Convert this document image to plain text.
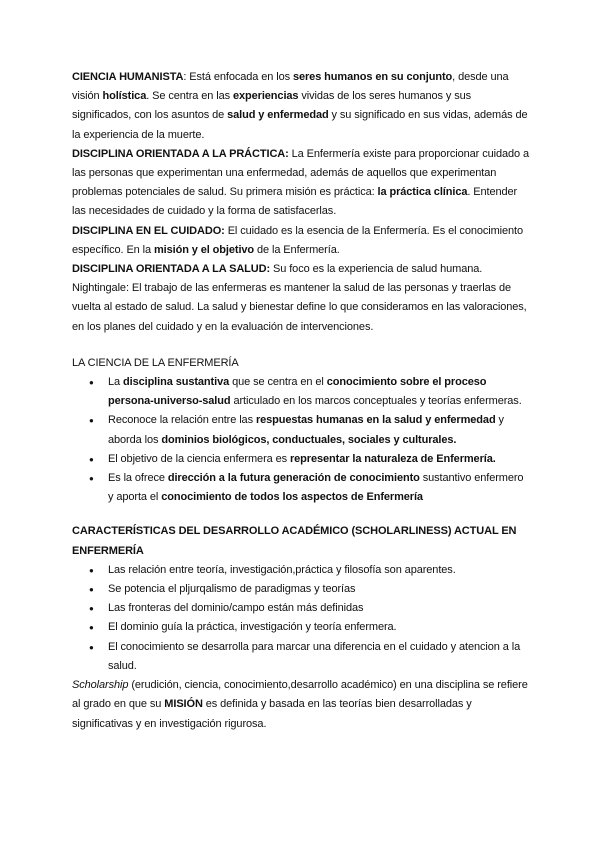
CIENCIA HUMANISTA: Está enfocada en los seres humanos en su conjunto, desde una visión holística. Se centra en las experiencias vividas de los seres humanos y sus significados, con los asuntos de salud y enfermedad y su significado en sus vidas, además de la experiencia de la muerte.

DISCIPLINA ORIENTADA A LA PRÁCTICA: La Enfermería existe para proporcionar cuidado a las personas que experimentan una enfermedad, además de aquellos que experimentan problemas potenciales de salud. Su primera misión es práctica: la práctica clínica. Entender las necesidades de cuidado y la forma de satisfacerlas.

DISCIPLINA EN EL CUIDADO: El cuidado es la esencia de la Enfermería. Es el conocimiento específico. En la misión y el objetivo de la Enfermería.

DISCIPLINA ORIENTADA A LA SALUD: Su foco es la experiencia de salud humana. Nightingale: El trabajo de las enfermeras es mantener la salud de las personas y traerlas de vuelta al estado de salud. La salud y bienestar define lo que consideramos en las valoraciones, en los planes del cuidado y en la evaluación de intervenciones.

LA CIENCIA DE LA ENFERMERÍA

● La disciplina sustantiva que se centra en el conocimiento sobre el proceso persona-universo-salud articulado en los marcos conceptuales y teorías enfermeras.
● Reconoce la relación entre las respuestas humanas en la salud y enfermedad y aborda los dominios biológicos, conductuales, sociales y culturales.
● El objetivo de la ciencia enfermera es representar la naturaleza de Enfermería.
● Es la ofrece dirección a la futura generación de conocimiento sustantivo enfermero y aporta el conocimiento de todos los aspectos de Enfermería

CARACTERÍSTICAS DEL DESARROLLO ACADÉMICO (SCHOLARLINESS) ACTUAL EN ENFERMERÍA

● Las relación entre teoría, investigación,práctica y filosofía son aparentes.
● Se potencia el pljurqalismo de paradigmas y teorías
● Las fronteras del dominio/campo están más definidas
● El dominio guía la práctica, investigación y teoría enfermera.
● El conocimiento se desarrolla para marcar una diferencia en el cuidado y atencion a la salud.

Scholarship (erudición, ciencia, conocimiento,desarrollo académico) en una disciplina se refiere al grado en que su MISIÓN es definida y basada en las teorías bien desarrolladas y significativas y en investigación rigurosa.
